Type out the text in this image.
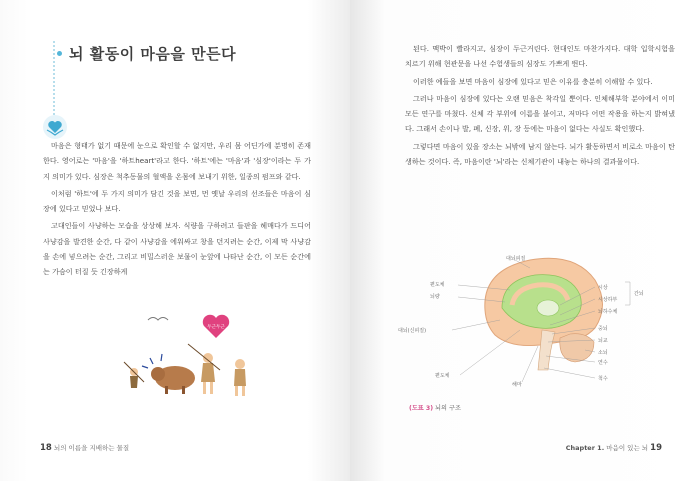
뇌 활동이 마음을 만든다

마음은 형태가 없기 때문에 눈으로 확인할 수 없지만, 우리 몸 어딘가에 분명히 존재한다. 영어로는 '마음'을 '하트heart'라고 한다. '하트'에는 '마음'과 '심장'이라는 두 가지 의미가 있다. 심장은 척추동물의 혈액을 온몸에 보내기 위한, 일종의 펌프와 같다.

이처럼 '하트'에 두 가지 의미가 담긴 것을 보면, 먼 옛날 우리의 선조들은 마음이 심장에 있다고 믿었나 보다.

고대인들이 사냥하는 모습을 상상해 보자. 식량을 구하려고 들판을 헤매다가 드디어 사냥감을 발견한 순간, 다 같이 사냥감을 에워싸고 창을 던지려는 순간, 이제 막 사냥감을 손에 넣으려는 순간, 그리고 비밀스러운 보물이 눈앞에 나타난 순간, 이 모든 순간에는 가슴이 터질 듯 긴장하게

두근두근
18 뇌의 이름을 지배하는 물질

된다. 맥박이 빨라지고, 심장이 두근거린다. 현대인도 마찬가지다. 대학 입학시험을 치르기 위해 현관문을 나선 수험생들의 심장도 가쁘게 뛴다.

이러한 예들을 보면 마음이 심장에 있다고 믿은 이유를 충분히 이해할 수 있다.

그러나 마음이 심장에 있다는 오랜 믿음은 착각일 뿐이다. 인체해부학 분야에서 이미 모든 연구를 마쳤다. 신체 각 부위에 이름을 붙이고, 저마다 어떤 작용을 하는지 밝혀냈다. 그래서 손이나 발, 폐, 신장, 위, 장 등에는 마음이 없다는 사실도 확인했다.

그렇다면 마음이 있을 장소는 뇌밖에 남지 않는다. 뇌가 활동하면서 비로소 마음이 탄생하는 것이다. 즉, 마음이란 '뇌'라는 신체기관이 내놓는 하나의 결과물이다.

대뇌피질
편도체
뇌량
대뇌(신피질)
편도체
해마
시상
시상하부
뇌하수체
간뇌
중뇌
뇌교
소뇌
연수
척수
(도표 3) 뇌의 구조
Chapter 1. 마음이 있는 뇌 19
